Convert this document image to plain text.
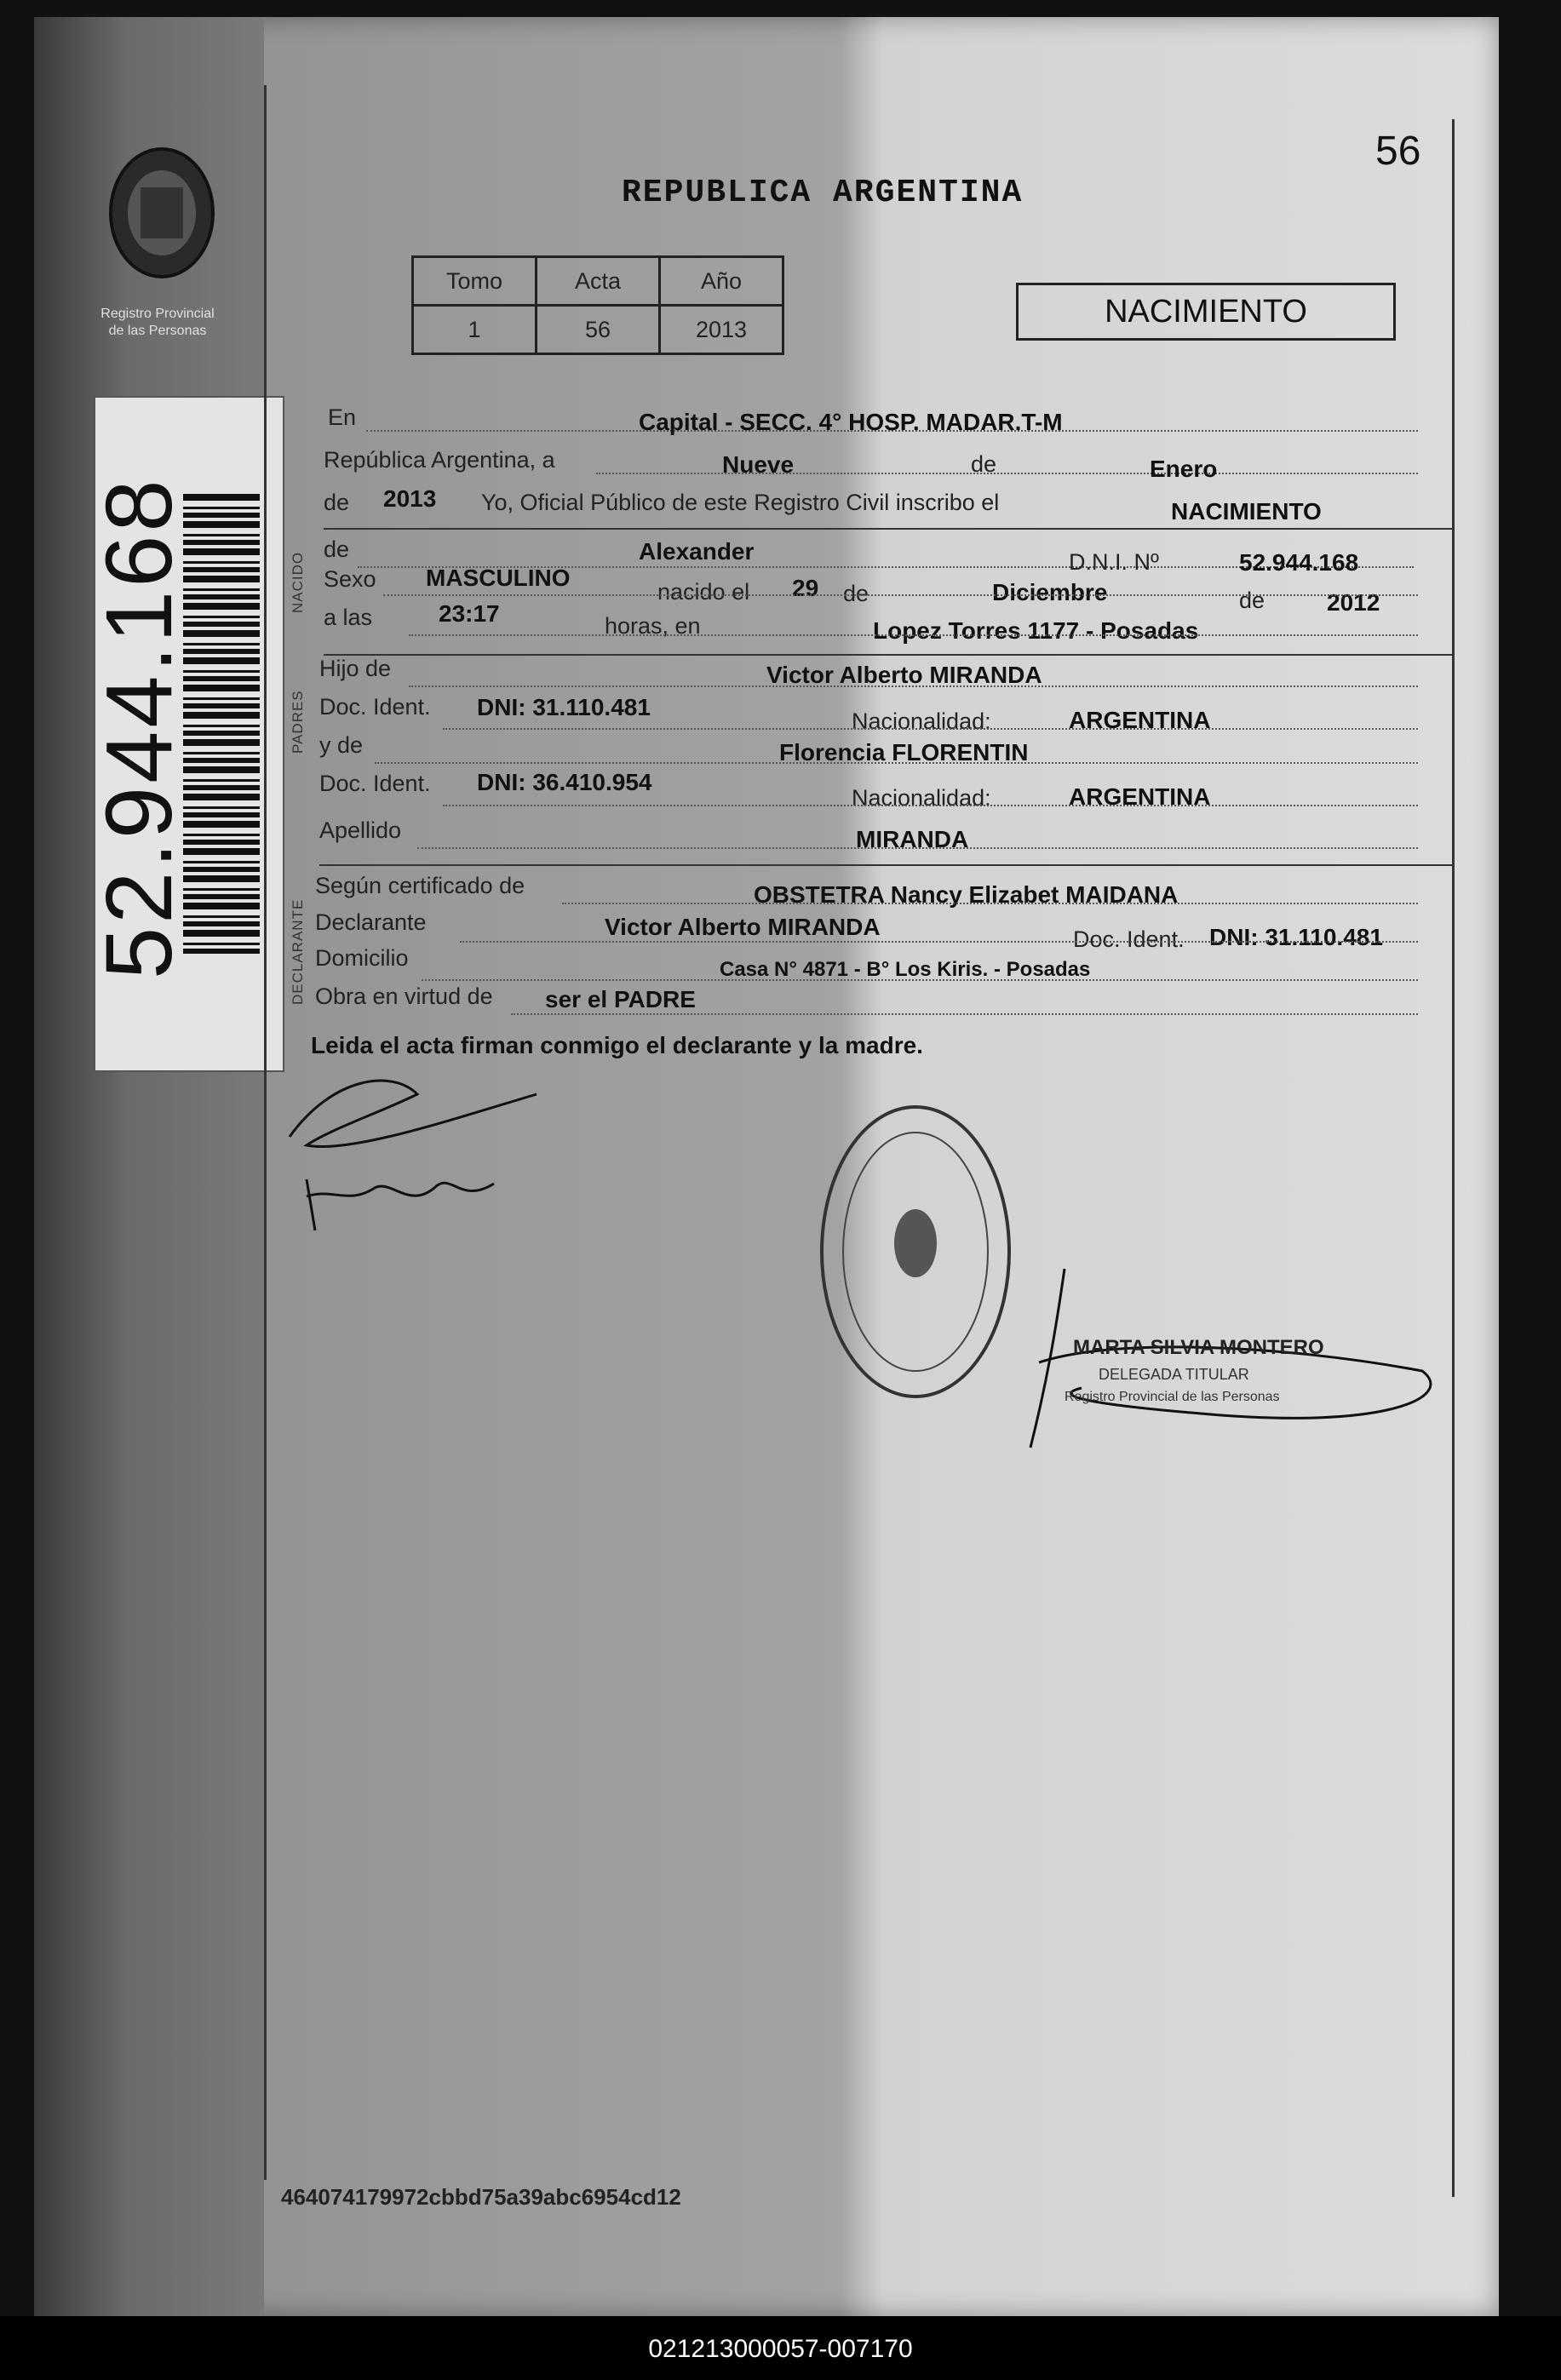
Registro Provincial
de las Personas
52.944.168
56
REPUBLICA ARGENTINA
Tomo	Acta	Año
1	56	2013	NACIMIENTO
NACIDO
PADRES
DECLARANTE
En	Capital - SECC. 4° HOSP. MADAR.T-M
República Argentina, a	Nueve	de	Enero
de 2013 Yo, Oficial Público de este Registro Civil inscribo el	NACIMIENTO
de	Alexander	D.N.I. Nº	52.944.168
Sexo MASCULINO
nacido el 29 de	Diciembre	de	2012
a las	23:17	horas, en	Lopez Torres 1177 - Posadas
Hijo de	Victor Alberto MIRANDA
Doc. Ident. DNI: 31.110.481
Nacionalidad:	ARGENTINA
y de	Florencia FLORENTIN
Doc. Ident. DNI: 36.410.954
Nacionalidad:	ARGENTINA
Apellido	MIRANDA
Según certificado de	OBSTETRA Nancy Elizabet MAIDANA
Declarante	Victor Alberto MIRANDA	Doc. Ident. DNI: 31.110.481
Domicilio	Casa N° 4871 - B° Los Kiris. - Posadas
Obra en virtud de ser el PADRE
Leida el acta firman conmigo el declarante y la madre.
MARTA SILVIA MONTERO
DELEGADA TITULAR
Registro Provincial de las Personas
464074179972cbbd75a39abc6954cd12
021213000057-007170
